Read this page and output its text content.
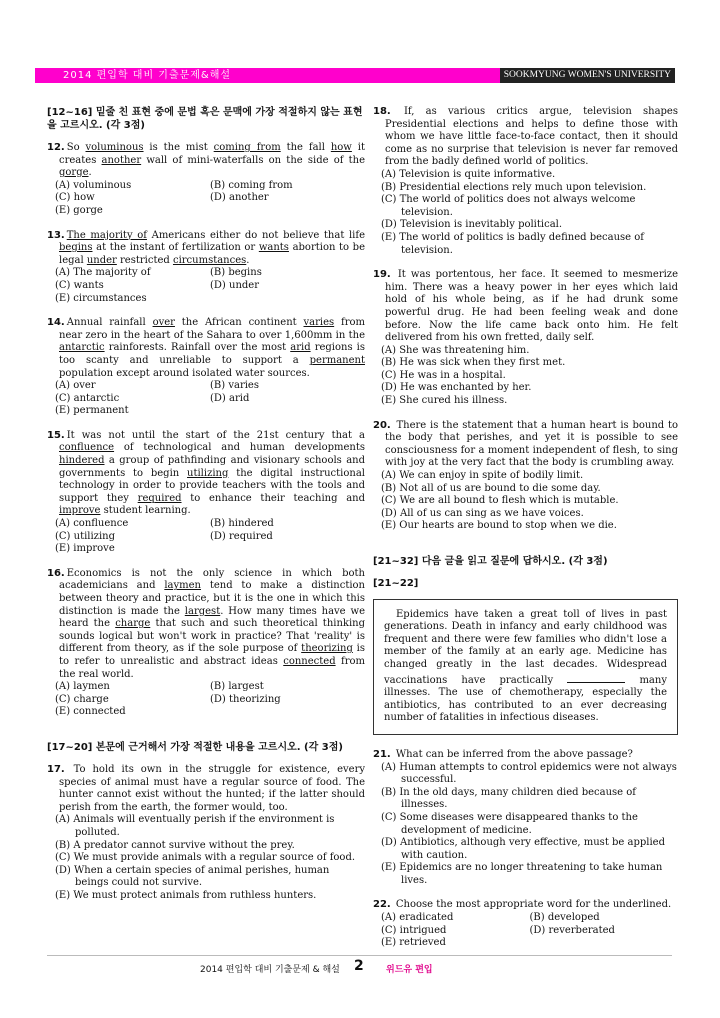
2014 편입학 대비 기출문제&해설	SOOKMYUNG WOMEN'S UNIVERSITY
[12~16] 밑줄 친 표현 중에 문법 혹은 문맥에 가장 적절하지 않는 표현을 고르시오. (각 3점)
12. So voluminous is the mist coming from the fall how it creates another wall of mini-waterfalls on the side of the gorge.
(A) voluminous	(B) coming from
(C) how	(D) another
(E) gorge
13. The majority of Americans either do not believe that life begins at the instant of fertilization or wants abortion to be legal under restricted circumstances.
(A) The majority of	(B) begins
(C) wants	(D) under
(E) circumstances
14. Annual rainfall over the African continent varies from near zero in the heart of the Sahara to over 1,600mm in the antarctic rainforests. Rainfall over the most arid regions is too scanty and unreliable to support a permanent population except around isolated water sources.
(A) over	(B) varies
(C) antarctic	(D) arid
(E) permanent
15. It was not until the start of the 21st century that a confluence of technological and human developments hindered a group of pathfinding and visionary schools and governments to begin utilizing the digital instructional technology in order to provide teachers with the tools and support they required to enhance their teaching and improve student learning.
(A) confluence	(B) hindered
(C) utilizing	(D) required
(E) improve
16. Economics is not the only science in which both academicians and laymen tend to make a distinction between theory and practice, but it is the one in which this distinction is made the largest. How many times have we heard the charge that such and such theoretical thinking sounds logical but won't work in practice? That 'reality' is different from theory, as if the sole purpose of theorizing is to refer to unrealistic and abstract ideas connected from the real world.
(A) laymen	(B) largest
(C) charge	(D) theorizing
(E) connected
[17~20] 본문에 근거해서 가장 적절한 내용을 고르시오. (각 3점)
17. To hold its own in the struggle for existence, every species of animal must have a regular source of food. The hunter cannot exist without the hunted; if the latter should perish from the earth, the former would, too.
(A) Animals will eventually perish if the environment is polluted.
(B) A predator cannot survive without the prey.
(C) We must provide animals with a regular source of food.
(D) When a certain species of animal perishes, human beings could not survive.
(E) We must protect animals from ruthless hunters.
18. If, as various critics argue, television shapes Presidential elections and helps to define those with whom we have little face-to-face contact, then it should come as no surprise that television is never far removed from the badly defined world of politics.
(A) Television is quite informative.
(B) Presidential elections rely much upon television.
(C) The world of politics does not always welcome television.
(D) Television is inevitably political.
(E) The world of politics is badly defined because of television.
19. It was portentous, her face. It seemed to mesmerize him. There was a heavy power in her eyes which laid hold of his whole being, as if he had drunk some powerful drug. He had been feeling weak and done before. Now the life came back onto him. He felt delivered from his own fretted, daily self.
(A) She was threatening him.
(B) He was sick when they first met.
(C) He was in a hospital.
(D) He was enchanted by her.
(E) She cured his illness.
20. There is the statement that a human heart is bound to the body that perishes, and yet it is possible to see consciousness for a moment independent of flesh, to sing with joy at the very fact that the body is crumbling away.
(A) We can enjoy in spite of bodily limit.
(B) Not all of us are bound to die some day.
(C) We are all bound to flesh which is mutable.
(D) All of us can sing as we have voices.
(E) Our hearts are bound to stop when we die.
[21~32] 다음 글을 읽고 질문에 답하시오. (각 3점)
[21~22]
Epidemics have taken a great toll of lives in past generations. Death in infancy and early childhood was frequent and there were few families who didn't lose a member of the family at an early age. Medicine has changed greatly in the last decades. Widespread vaccinations have practically	many illnesses. The use of chemotherapy, especially the antibiotics, has contributed to an ever decreasing number of fatalities in infectious diseases.
21. What can be inferred from the above passage?
(A) Human attempts to control epidemics were not always successful.
(B) In the old days, many children died because of illnesses.
(C) Some diseases were disappeared thanks to the development of medicine.
(D) Antibiotics, although very effective, must be applied with caution.
(E) Epidemics are no longer threatening to take human lives.
22. Choose the most appropriate word for the underlined.
(A) eradicated	(B) developed
(C) intrigued	(D) reverberated
(E) retrieved
2014 편입학 대비 기출문제 & 해설 2 위드유 편입
